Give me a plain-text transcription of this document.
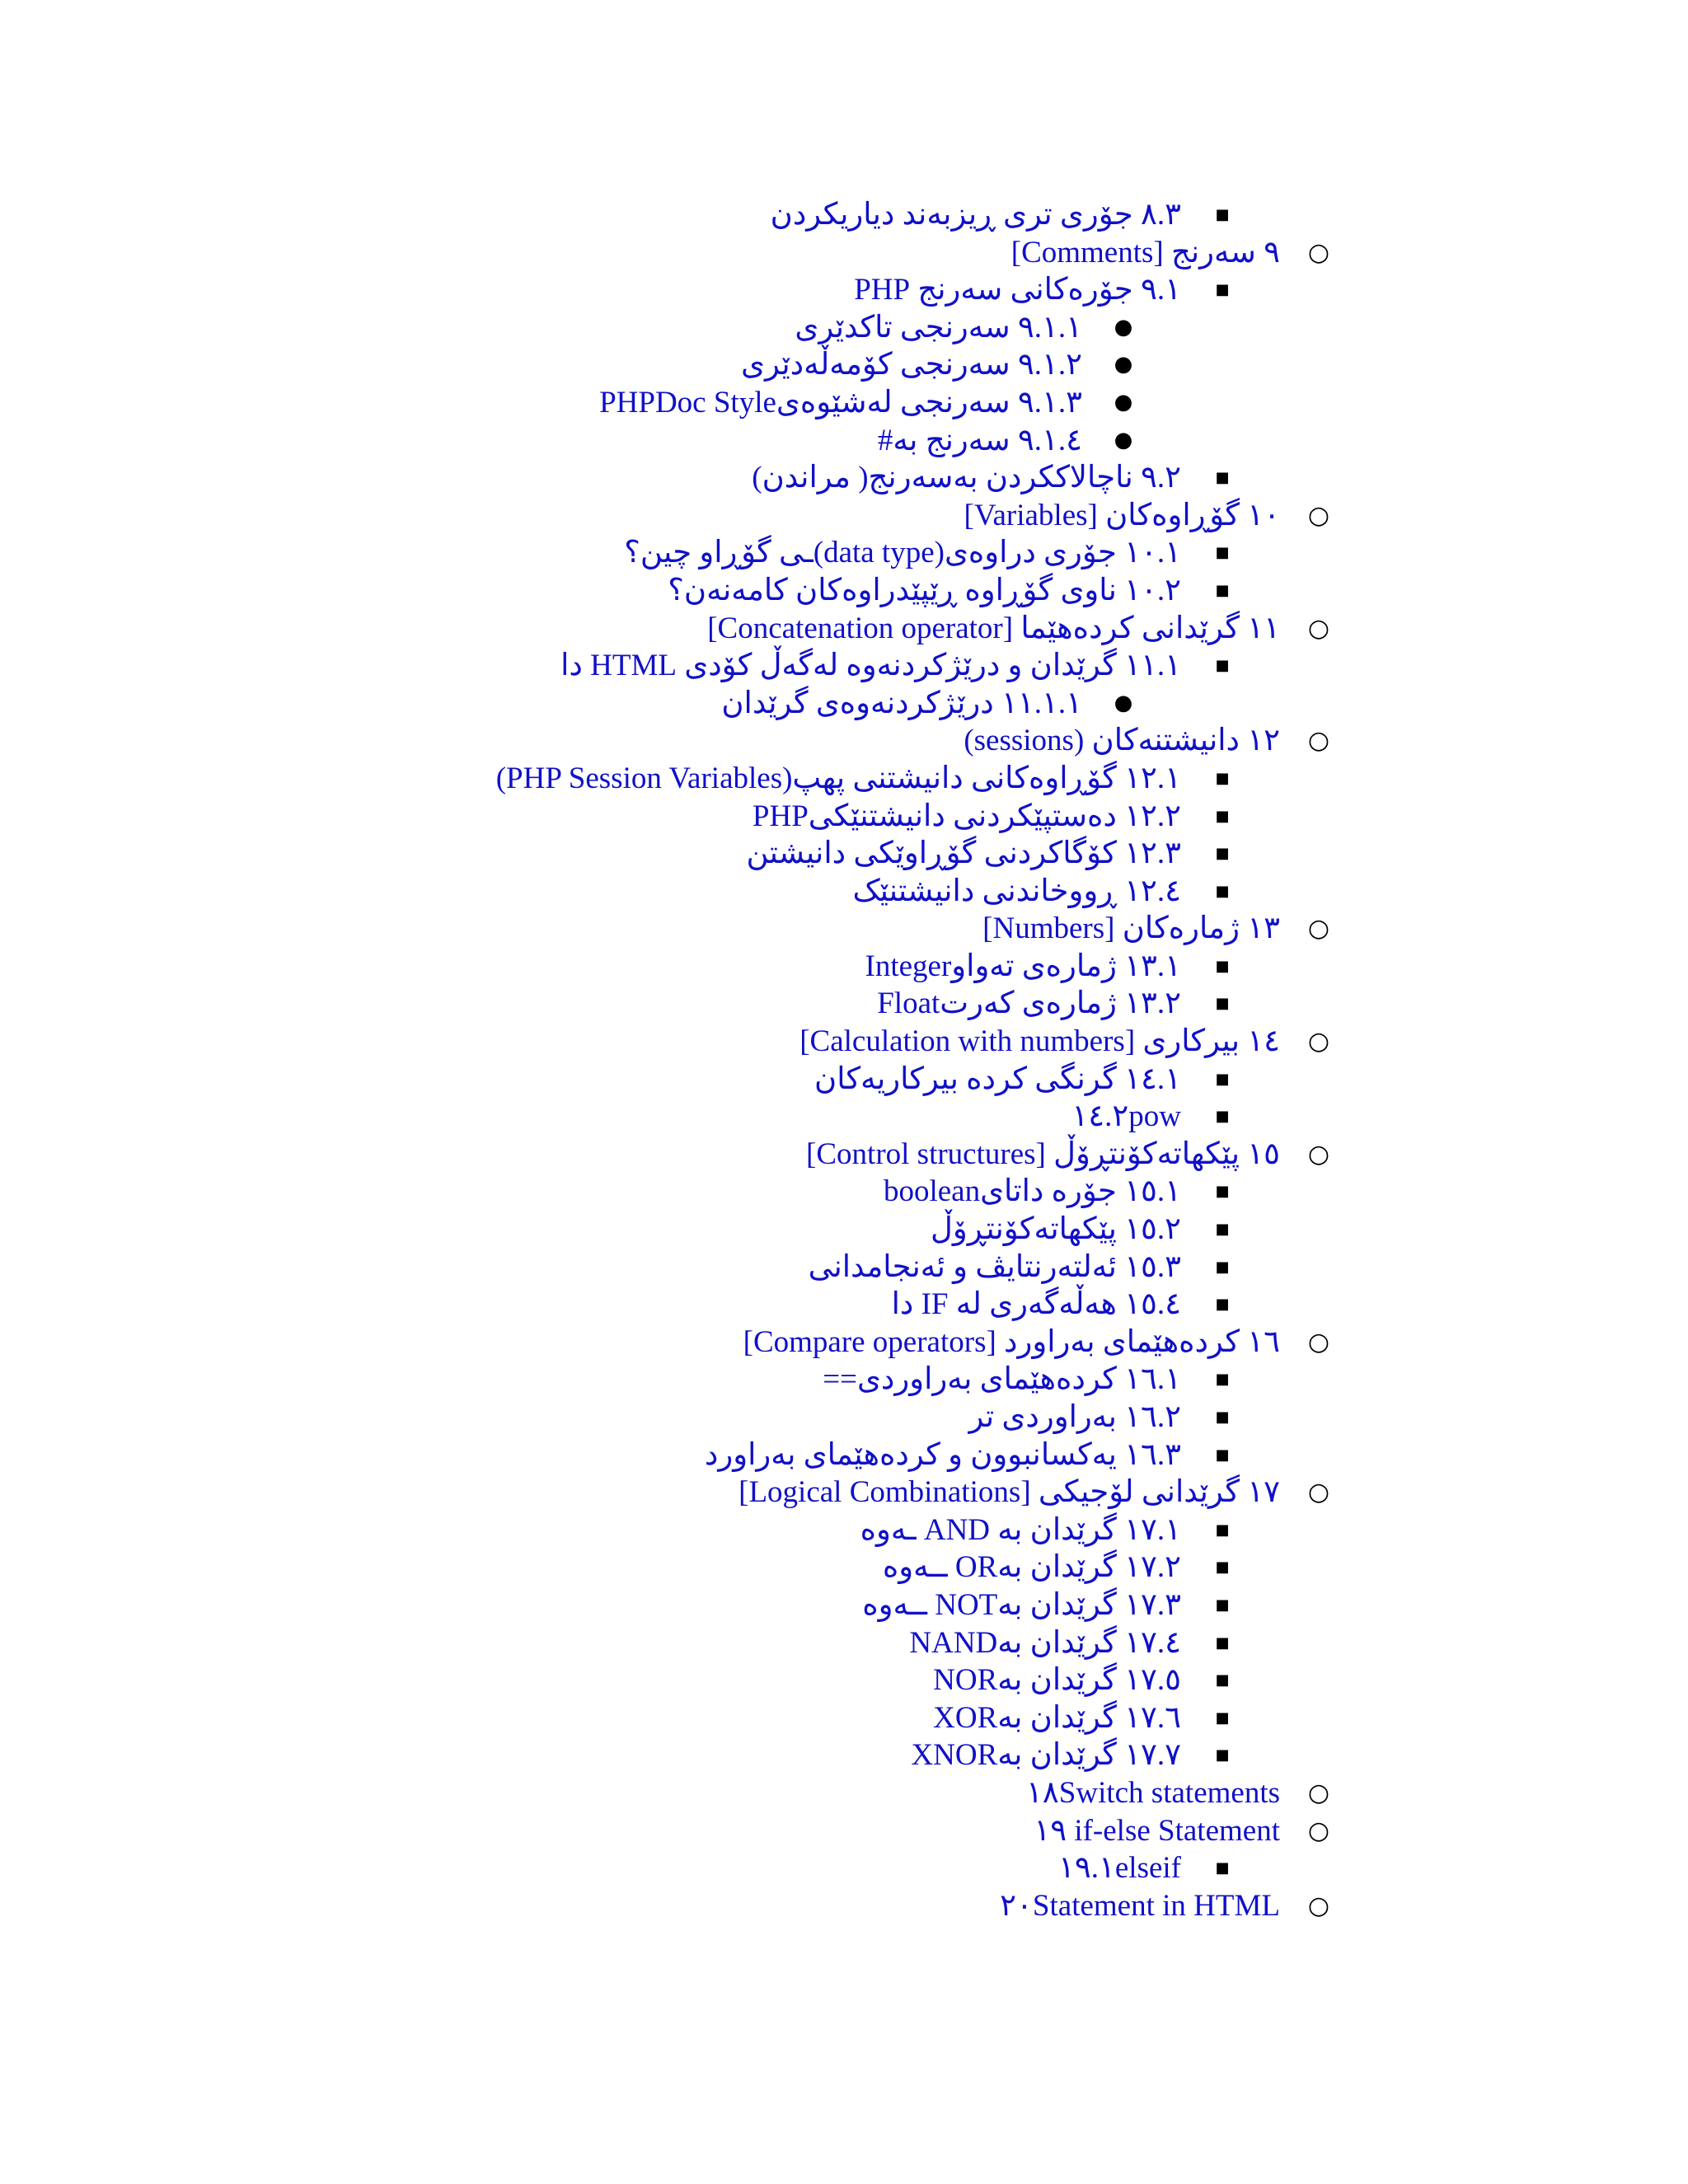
■
٨.٣ جۆری تری ڕیزبەند دیاریکردن
○
٩ سەرنج [Comments]
■
٩.١ جۆرەکانی سەرنج PHP
●
٩.١.١ سەرنجی تاکدێری
●
٩.١.٢ سەرنجی کۆمەڵەدێری
●
٩.١.٣ سەرنجی لەشێوەیPHPDoc Style
●
٩.١.٤ سەرنج بە#
■
٩.٢ ناچالاککردن بەسەرنج( مراندن)
○
١٠ گۆڕاوەکان [Variables]
■
١٠.١ جۆری دراوەی(data type)ـی گۆڕاو چین؟
■
١٠.٢ ناوی گۆڕاوە ڕێپێدراوەکان کامەنەن؟
○
١١ گرێدانی کردەهێما [Concatenation operator]
■
١١.١ گرێدان و درێژکردنەوە لەگەڵ کۆدی HTML دا
●
١١.١.١ درێژکردنەوەی گرێدان
○
١٢ دانیشتنەکان (sessions)
■
١٢.١ گۆڕاوەکانی دانیشتنی پهپ(PHP Session Variables)
■
١٢.٢ دەستپێکردنی دانیشتنێکیPHP
■
١٢.٣ کۆگاکردنی گۆڕاوێکی دانیشتن
■
١٢.٤ ڕووخاندنی دانیشتنێک
○
١٣ ژمارەکان [Numbers]
■
١٣.١ ژمارەی تەواوInteger
■
١٣.٢ ژمارەی کەرتFloat
○
١٤ بیرکاری [Calculation with numbers]
■
١٤.١ گرنگی کردە بیرکاریەکان
■
١٤.٢pow
○
١٥ پێکهاتەکۆنتڕۆڵ [Control structures]
■
١٥.١ جۆرە داتایboolean
■
١٥.٢ پێکهاتەکۆنتڕۆڵ
■
١٥.٣ ئەلتەرنتایڤ و ئەنجامدانی
■
١٥.٤ هەڵەگەری لە IF دا
○
١٦ کردەهێمای بەراورد [Compare operators]
■
١٦.١ کردەهێمای بەراوردی==
■
١٦.٢ بەراوردی تر
■
١٦.٣ یەکسانبوون و کردەهێمای بەراورد
○
١٧ گرێدانی لۆجیکی [Logical Combinations]
■
١٧.١ گرێدان بە AND ـەوە
■
١٧.٢ گرێدان بەOR ــەوە
■
١٧.٣ گرێدان بەNOT ــەوە
■
١٧.٤ گرێدان بەNAND
■
١٧.٥ گرێدان بەNOR
■
١٧.٦ گرێدان بەXOR
■
١٧.٧ گرێدان بەXNOR
○
١٨Switch statements
○
١٩ if-else Statement
■
١٩.١elseif
○
٢٠Statement in HTML
